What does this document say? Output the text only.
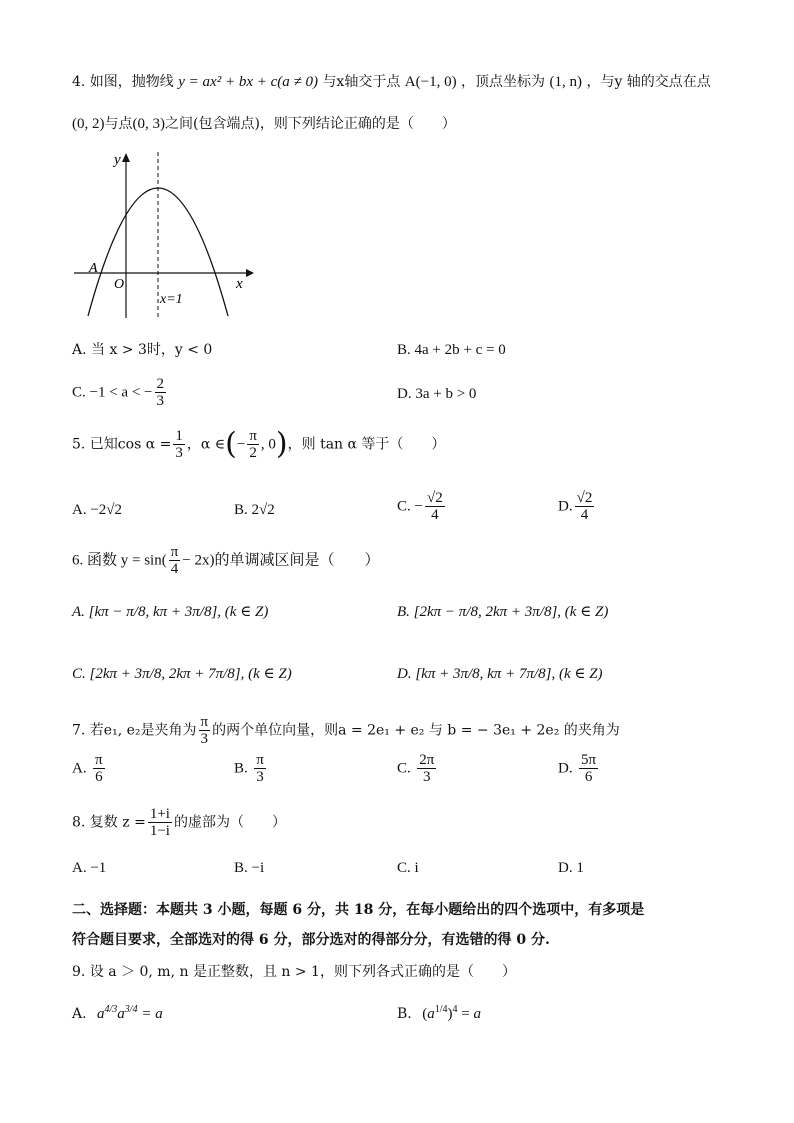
4. 如图，抛物线 y = ax² + bx + c(a ≠ 0) 与x轴交于点 A(−1, 0) ，顶点坐标为 (1, n) ，与y 轴的交点在点
(0, 2)与点(0, 3)之间(包含端点)，则下列结论正确的是（　　）
y
x
O
A
x=1
A. 当 x > 3时，y < 0	B. 4a + 2b + c = 0
C. −1 < a < − $\frac{2}{3}$	D. 3a + b > 0
5. 已知$\cos \alpha = \frac{1}{3}$ ，α ∈(− $\frac{\pi}{2}$ , 0)，则 tan α 等于（　　）
A. −2√2	B. 2√2	C. − $\frac{√2}{4}$	D. $\frac{√2}{4}$
6. 函数 $y = \sin( \frac{\pi}{4} - 2x)$的单调减区间是（　　）
A. [kπ − π/8, kπ + 3π/8], (k ∈ Z)	B. [2kπ − π/8, 2kπ + 3π/8], (k ∈ Z)
C. [2kπ + 3π/8, 2kπ + 7π/8], (k ∈ Z)	D. [kπ + 3π/8, kπ + 7π/8], (k ∈ Z)
7. 若e₁, e₂是夹角为 $\frac{\pi}{3}$ 的两个单位向量，则a = 2e₁ + e₂ 与 b = − 3e₁ + 2e₂ 的夹角为
A. $\frac{\pi}{6}$	B. $\frac{\pi}{3}$	C. $\frac{2\pi}{3}$	D. $\frac{5\pi}{6}$
8. 复数 $z = \frac{1+i}{1-i}$ 的虚部为（　　）
A. −1	B. −i	C. i	D. 1
二、选择题：本题共 3 小题，每题 6 分，共 18 分，在每小题给出的四个选项中，有多项是
符合题目要求，全部选对的得 6 分，部分选对的得部分分，有选错的得 0 分.
9. 设 a ＞ 0, m, n 是正整数，且 n > 1，则下列各式正确的是（　　）
A. $a^{4/3}a^{3/4} = a$	B. $(a^{1/4})^4 = a$
